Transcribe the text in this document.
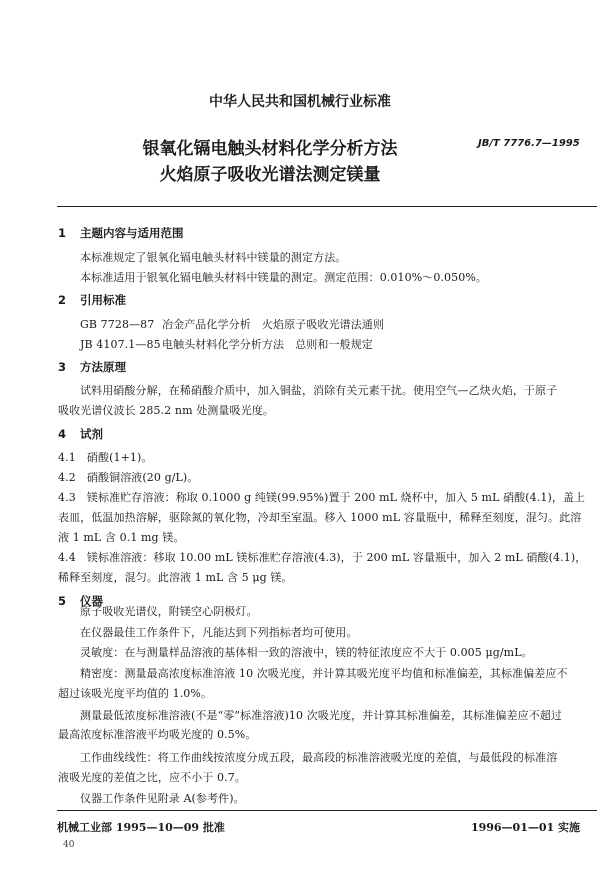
中华人民共和国机械行业标准
银氧化镉电触头材料化学分析方法
火焰原子吸收光谱法测定镁量
JB/T 7776.7—1995
1 主题内容与适用范围
本标准规定了银氧化镉电触头材料中镁量的测定方法。
本标准适用于银氧化镉电触头材料中镁量的测定。测定范围：0.010%～0.050%。
2 引用标准
GB 7728—87 冶金产品化学分析　火焰原子吸收光谱法通则
JB 4107.1—85电触头材料化学分析方法　总则和一般规定
3 方法原理
试料用硝酸分解，在稀硝酸介质中，加入铜盐，消除有关元素干扰。使用空气—乙炔火焰，于原子
吸收光谱仪波长 285.2 nm 处测量吸光度。
4 试剂
4.1　硝酸(1+1)。
4.2　硝酸铜溶液(20 g/L)。
4.3　镁标准贮存溶液：称取 0.1000 g 纯镁(99.95%)置于 200 mL 烧杯中，加入 5 mL 硝酸(4.1)，盖上
表皿，低温加热溶解，驱除氮的氧化物，冷却至室温。移入 1000 mL 容量瓶中，稀释至刻度，混匀。此溶
液 1 mL 含 0.1 mg 镁。
4.4　镁标准溶液：移取 10.00 mL 镁标准贮存溶液(4.3)，于 200 mL 容量瓶中，加入 2 mL 硝酸(4.1)，
稀释至刻度，混匀。此溶液 1 mL 含 5 μg 镁。
5 仪器
原子吸收光谱仪，附镁空心阴极灯。
在仪器最佳工作条件下，凡能达到下列指标者均可使用。
灵敏度：在与测量样品溶液的基体相一致的溶液中，镁的特征浓度应不大于 0.005 μg/mL。
精密度：测量最高浓度标准溶液 10 次吸光度，并计算其吸光度平均值和标准偏差，其标准偏差应不
超过该吸光度平均值的 1.0%。
测量最低浓度标准溶液(不是“零”标准溶液)10 次吸光度，并计算其标准偏差，其标准偏差应不超过
最高浓度标准溶液平均吸光度的 0.5%。
工作曲线线性：将工作曲线按浓度分成五段，最高段的标准溶液吸光度的差值，与最低段的标准溶
液吸光度的差值之比，应不小于 0.7。
仪器工作条件见附录 A(参考件)。
机械工业部 1995—10—09 批准	1996—01—01 实施
40
